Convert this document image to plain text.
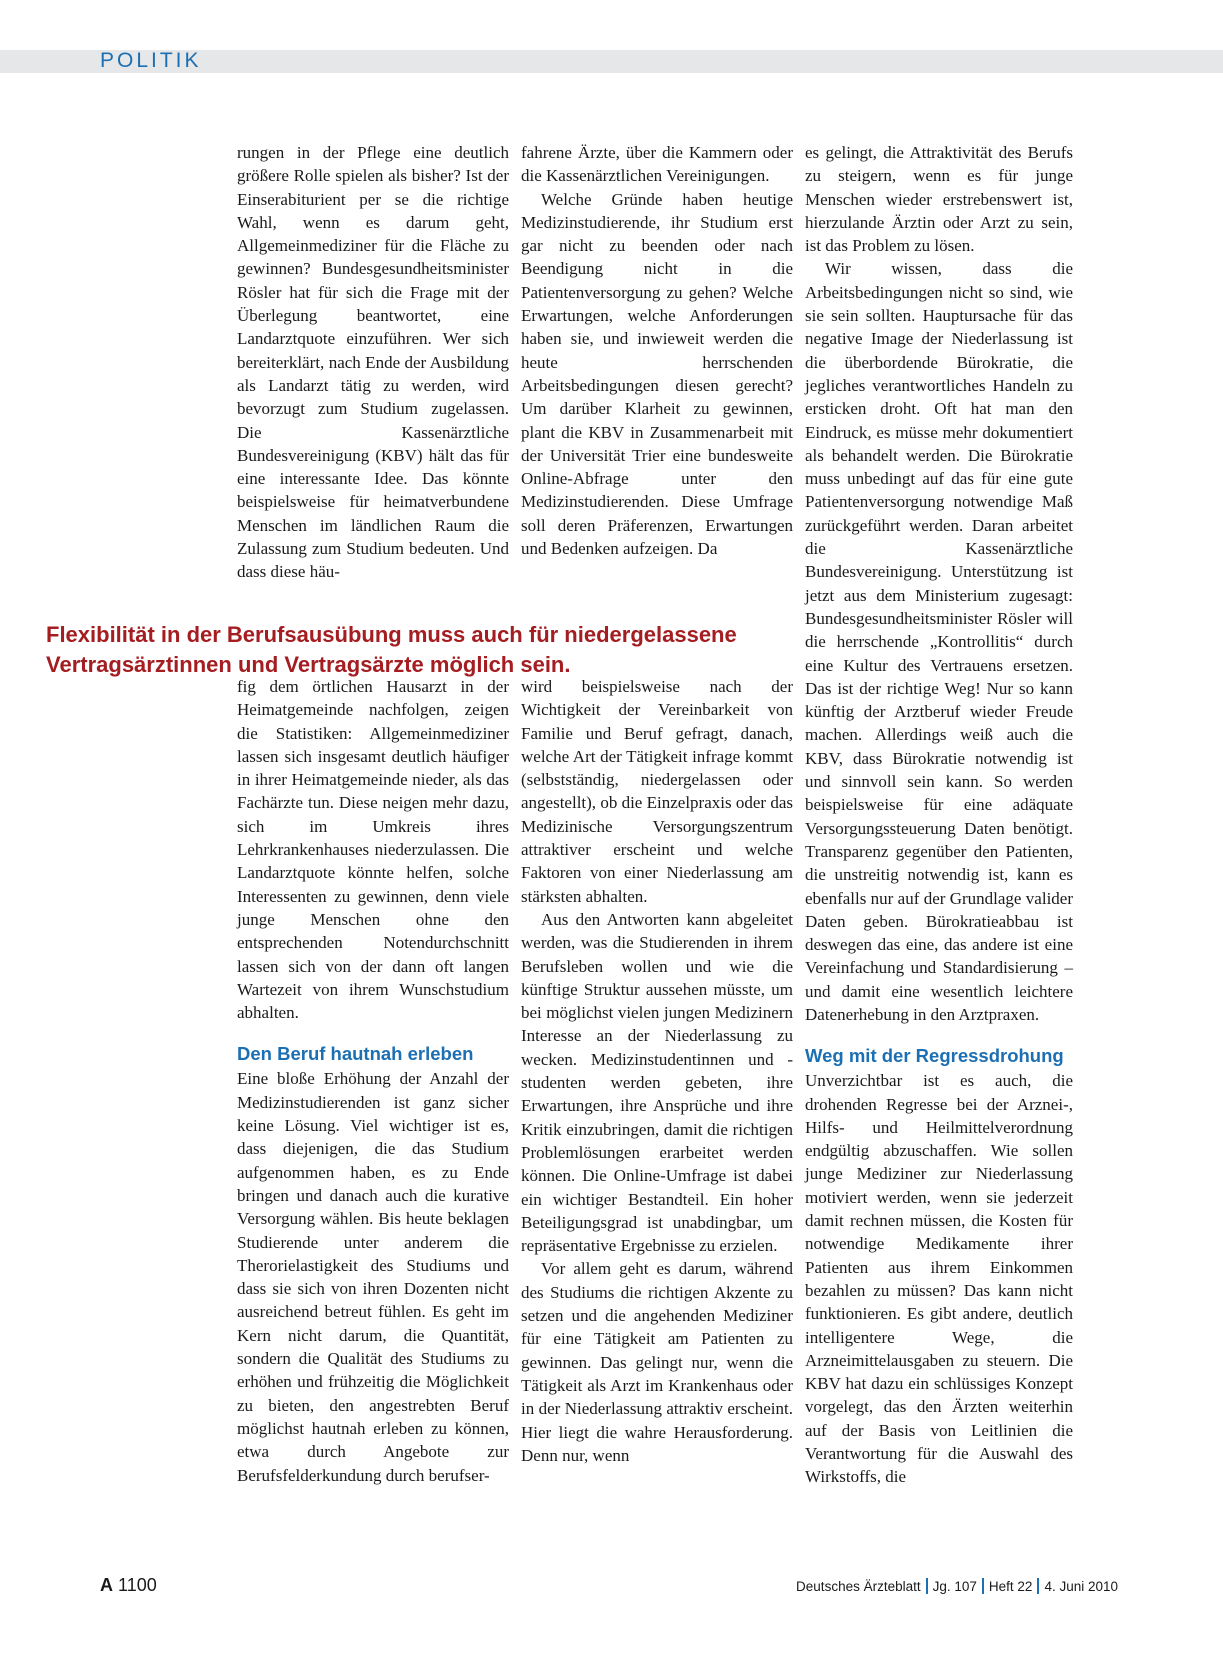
POLITIK

rungen in der Pflege eine deutlich größere Rolle spielen als bisher? Ist der Einserabiturient per se die richtige Wahl, wenn es darum geht, Allgemeinmediziner für die Fläche zu gewinnen? Bundesgesundheitsminister Rösler hat für sich die Frage mit der Überlegung beantwortet, eine Landarztquote einzuführen. Wer sich bereiterklärt, nach Ende der Ausbildung als Landarzt tätig zu werden, wird bevorzugt zum Studium zugelassen. Die Kassenärztliche Bundesvereinigung (KBV) hält das für eine interessante Idee. Das könnte beispielsweise für heimatverbundene Menschen im ländlichen Raum die Zulassung zum Studium bedeuten. Und dass diese häu-

fahrene Ärzte, über die Kammern oder die Kassenärztlichen Vereinigungen.

Welche Gründe haben heutige Medizinstudierende, ihr Studium erst gar nicht zu beenden oder nach Beendigung nicht in die Patientenversorgung zu gehen? Welche Erwartungen, welche Anforderungen haben sie, und inwieweit werden die heute herrschenden Arbeitsbedingungen diesen gerecht? Um darüber Klarheit zu gewinnen, plant die KBV in Zusammenarbeit mit der Universität Trier eine bundesweite Online-Abfrage unter den Medizinstudierenden. Diese Umfrage soll deren Präferenzen, Erwartungen und Bedenken aufzeigen. Da

Flexibilität in der Berufsausübung muss auch für niedergelassene Vertragsärztinnen und Vertragsärzte möglich sein.

fig dem örtlichen Hausarzt in der Heimatgemeinde nachfolgen, zeigen die Statistiken: Allgemeinmediziner lassen sich insgesamt deutlich häufiger in ihrer Heimatgemeinde nieder, als das Fachärzte tun. Diese neigen mehr dazu, sich im Umkreis ihres Lehrkrankenhauses niederzulassen. Die Landarztquote könnte helfen, solche Interessenten zu gewinnen, denn viele junge Menschen ohne den entsprechenden Notendurchschnitt lassen sich von der dann oft langen Wartezeit von ihrem Wunschstudium abhalten.

Den Beruf hautnah erleben

Eine bloße Erhöhung der Anzahl der Medizinstudierenden ist ganz sicher keine Lösung. Viel wichtiger ist es, dass diejenigen, die das Studium aufgenommen haben, es zu Ende bringen und danach auch die kurative Versorgung wählen. Bis heute beklagen Studierende unter anderem die Therorielastigkeit des Studiums und dass sie sich von ihren Dozenten nicht ausreichend betreut fühlen. Es geht im Kern nicht darum, die Quantität, sondern die Qualität des Studiums zu erhöhen und frühzeitig die Möglichkeit zu bieten, den angestrebten Beruf möglichst hautnah erleben zu können, etwa durch Angebote zur Berufsfelderkundung durch berufser-

wird beispielsweise nach der Wichtigkeit der Vereinbarkeit von Familie und Beruf gefragt, danach, welche Art der Tätigkeit infrage kommt (selbstständig, niedergelassen oder angestellt), ob die Einzelpraxis oder das Medizinische Versorgungszentrum attraktiver erscheint und welche Faktoren von einer Niederlassung am stärksten abhalten.

Aus den Antworten kann abgeleitet werden, was die Studierenden in ihrem Berufsleben wollen und wie die künftige Struktur aussehen müsste, um bei möglichst vielen jungen Medizinern Interesse an der Niederlassung zu wecken. Medizinstudentinnen und -studenten werden gebeten, ihre Erwartungen, ihre Ansprüche und ihre Kritik einzubringen, damit die richtigen Problemlösungen erarbeitet werden können. Die Online-Umfrage ist dabei ein wichtiger Bestandteil. Ein hoher Beteiligungsgrad ist unabdingbar, um repräsentative Ergebnisse zu erzielen.

Vor allem geht es darum, während des Studiums die richtigen Akzente zu setzen und die angehenden Mediziner für eine Tätigkeit am Patienten zu gewinnen. Das gelingt nur, wenn die Tätigkeit als Arzt im Krankenhaus oder in der Niederlassung attraktiv erscheint. Hier liegt die wahre Herausforderung. Denn nur, wenn

es gelingt, die Attraktivität des Berufs zu steigern, wenn es für junge Menschen wieder erstrebenswert ist, hierzulande Ärztin oder Arzt zu sein, ist das Problem zu lösen.

Wir wissen, dass die Arbeitsbedingungen nicht so sind, wie sie sein sollten. Hauptursache für das negative Image der Niederlassung ist die überbordende Bürokratie, die jegliches verantwortliches Handeln zu ersticken droht. Oft hat man den Eindruck, es müsse mehr dokumentiert als behandelt werden. Die Bürokratie muss unbedingt auf das für eine gute Patientenversorgung notwendige Maß zurückgeführt werden. Daran arbeitet die Kassenärztliche Bundesvereinigung. Unterstützung ist jetzt aus dem Ministerium zugesagt: Bundesgesundheitsminister Rösler will die herrschende „Kontrollitis“ durch eine Kultur des Vertrauens ersetzen. Das ist der richtige Weg! Nur so kann künftig der Arztberuf wieder Freude machen. Allerdings weiß auch die KBV, dass Bürokratie notwendig ist und sinnvoll sein kann. So werden beispielsweise für eine adäquate Versorgungssteuerung Daten benötigt. Transparenz gegenüber den Patienten, die unstreitig notwendig ist, kann es ebenfalls nur auf der Grundlage valider Daten geben. Bürokratieabbau ist deswegen das eine, das andere ist eine Vereinfachung und Standardisierung – und damit eine wesentlich leichtere Datenerhebung in den Arztpraxen.

Weg mit der Regressdrohung

Unverzichtbar ist es auch, die drohenden Regresse bei der Arznei-, Hilfs- und Heilmittelverordnung endgültig abzuschaffen. Wie sollen junge Mediziner zur Niederlassung motiviert werden, wenn sie jederzeit damit rechnen müssen, die Kosten für notwendige Medikamente ihrer Patienten aus ihrem Einkommen bezahlen zu müssen? Das kann nicht funktionieren. Es gibt andere, deutlich intelligentere Wege, die Arzneimittelausgaben zu steuern. Die KBV hat dazu ein schlüssiges Konzept vorgelegt, das den Ärzten weiterhin auf der Basis von Leitlinien die Verantwortung für die Auswahl des Wirkstoffs, die

A 1100	Deutsches Ärzteblatt Jg. 107 Heft 22 4. Juni 2010
